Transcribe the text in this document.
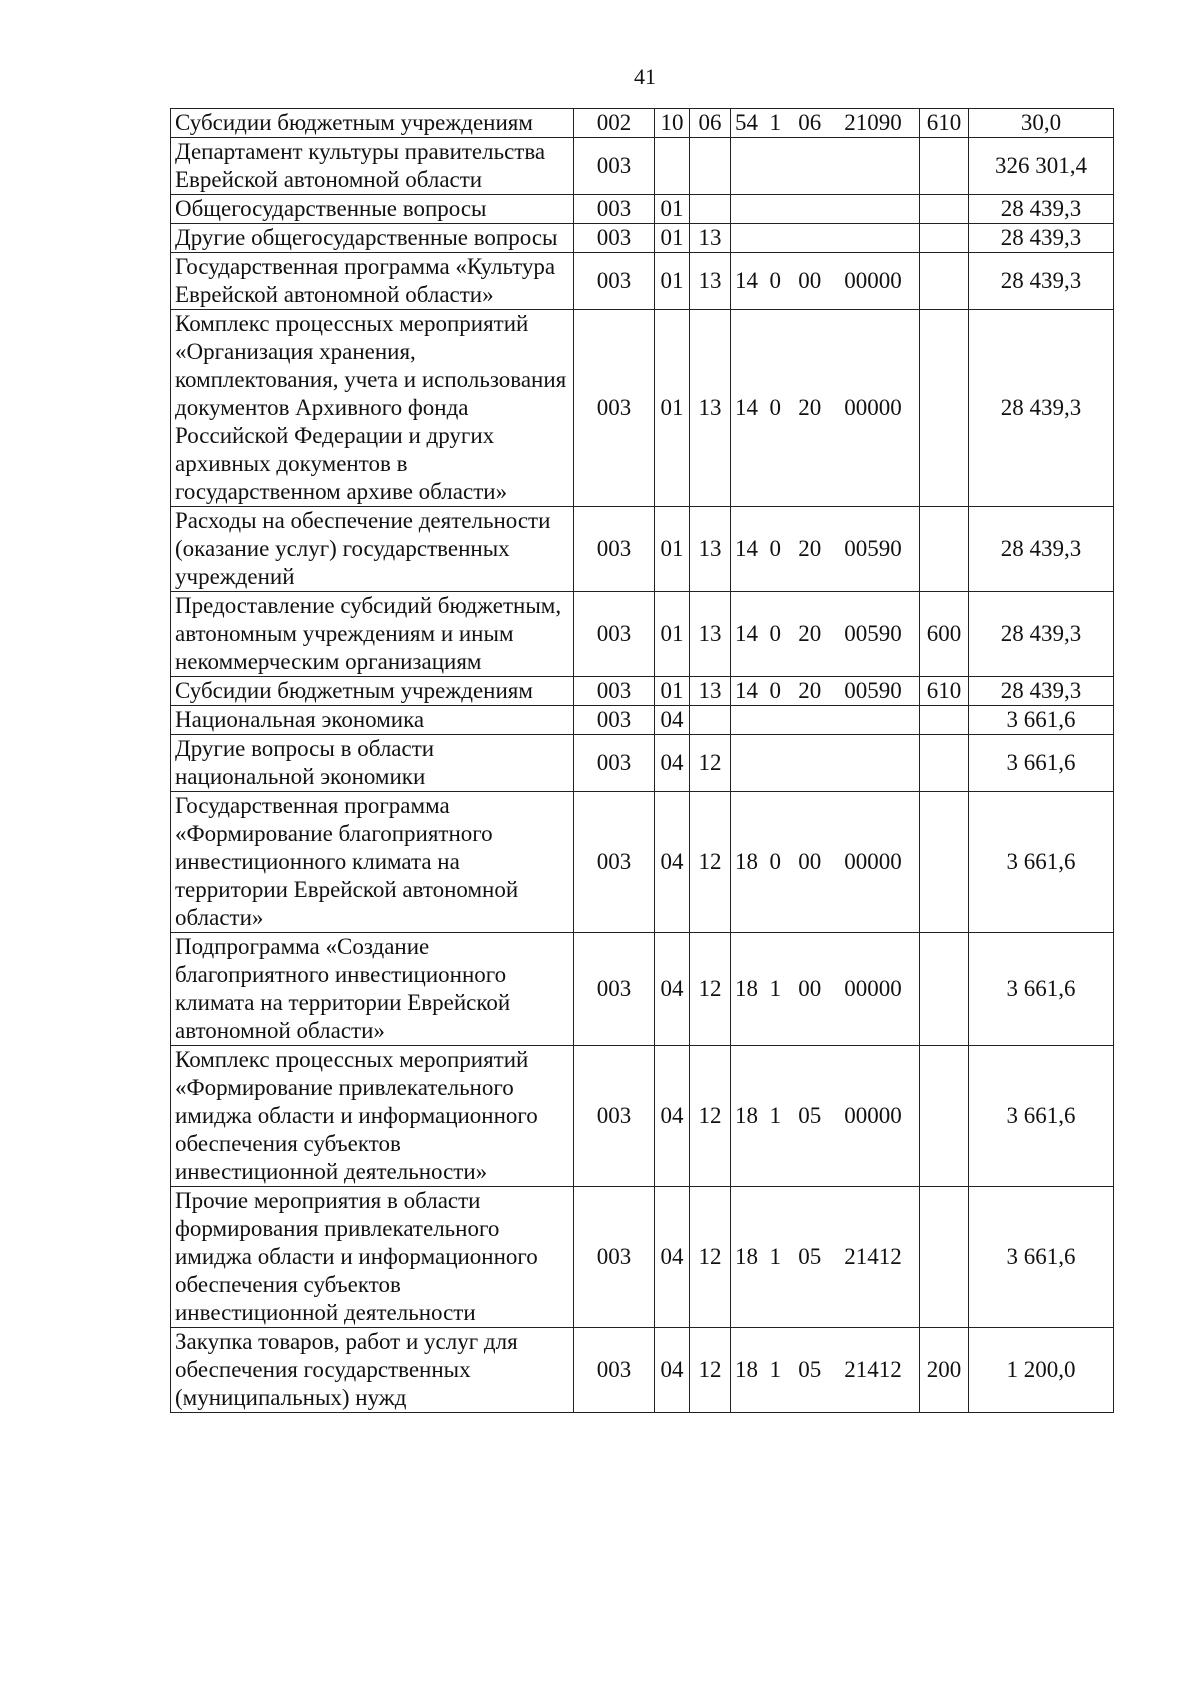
41
Субсидии бюджетным учреждениям	002	10	06	54  1   06    21090	610	30,0
Департамент культуры правительства Еврейской автономной области	003					326 301,4
Общегосударственные вопросы	003	01				28 439,3
Другие общегосударственные вопросы	003	01	13			28 439,3
Государственная программа «Культура Еврейской автономной области»	003	01	13	14  0   00    00000		28 439,3
Комплекс процессных мероприятий «Организация хранения, комплектования, учета и использования документов Архивного фонда Российской Федерации и других архивных документов в государственном архиве области»	003	01	13	14  0   20    00000		28 439,3
Расходы на обеспечение деятельности (оказание услуг) государственных учреждений	003	01	13	14  0   20    00590		28 439,3
Предоставление субсидий бюджетным, автономным учреждениям и иным некоммерческим организациям	003	01	13	14  0   20    00590	600	28 439,3
Субсидии бюджетным учреждениям	003	01	13	14  0   20    00590	610	28 439,3
Национальная экономика	003	04				3 661,6
Другие вопросы в области национальной экономики	003	04	12			3 661,6
Государственная программа «Формирование благоприятного инвестиционного климата на территории Еврейской автономной области»	003	04	12	18  0   00    00000		3 661,6
Подпрограмма «Создание благоприятного инвестиционного климата на территории Еврейской автономной области»	003	04	12	18  1   00    00000		3 661,6
Комплекс процессных мероприятий «Формирование привлекательного имиджа области и информационного обеспечения субъектов инвестиционной деятельности»	003	04	12	18  1   05    00000		3 661,6
Прочие мероприятия в области формирования привлекательного имиджа области и информационного обеспечения субъектов инвестиционной деятельности	003	04	12	18  1   05    21412		3 661,6
Закупка товаров, работ и услуг для обеспечения государственных (муниципальных) нужд	003	04	12	18  1   05    21412	200	1 200,0
